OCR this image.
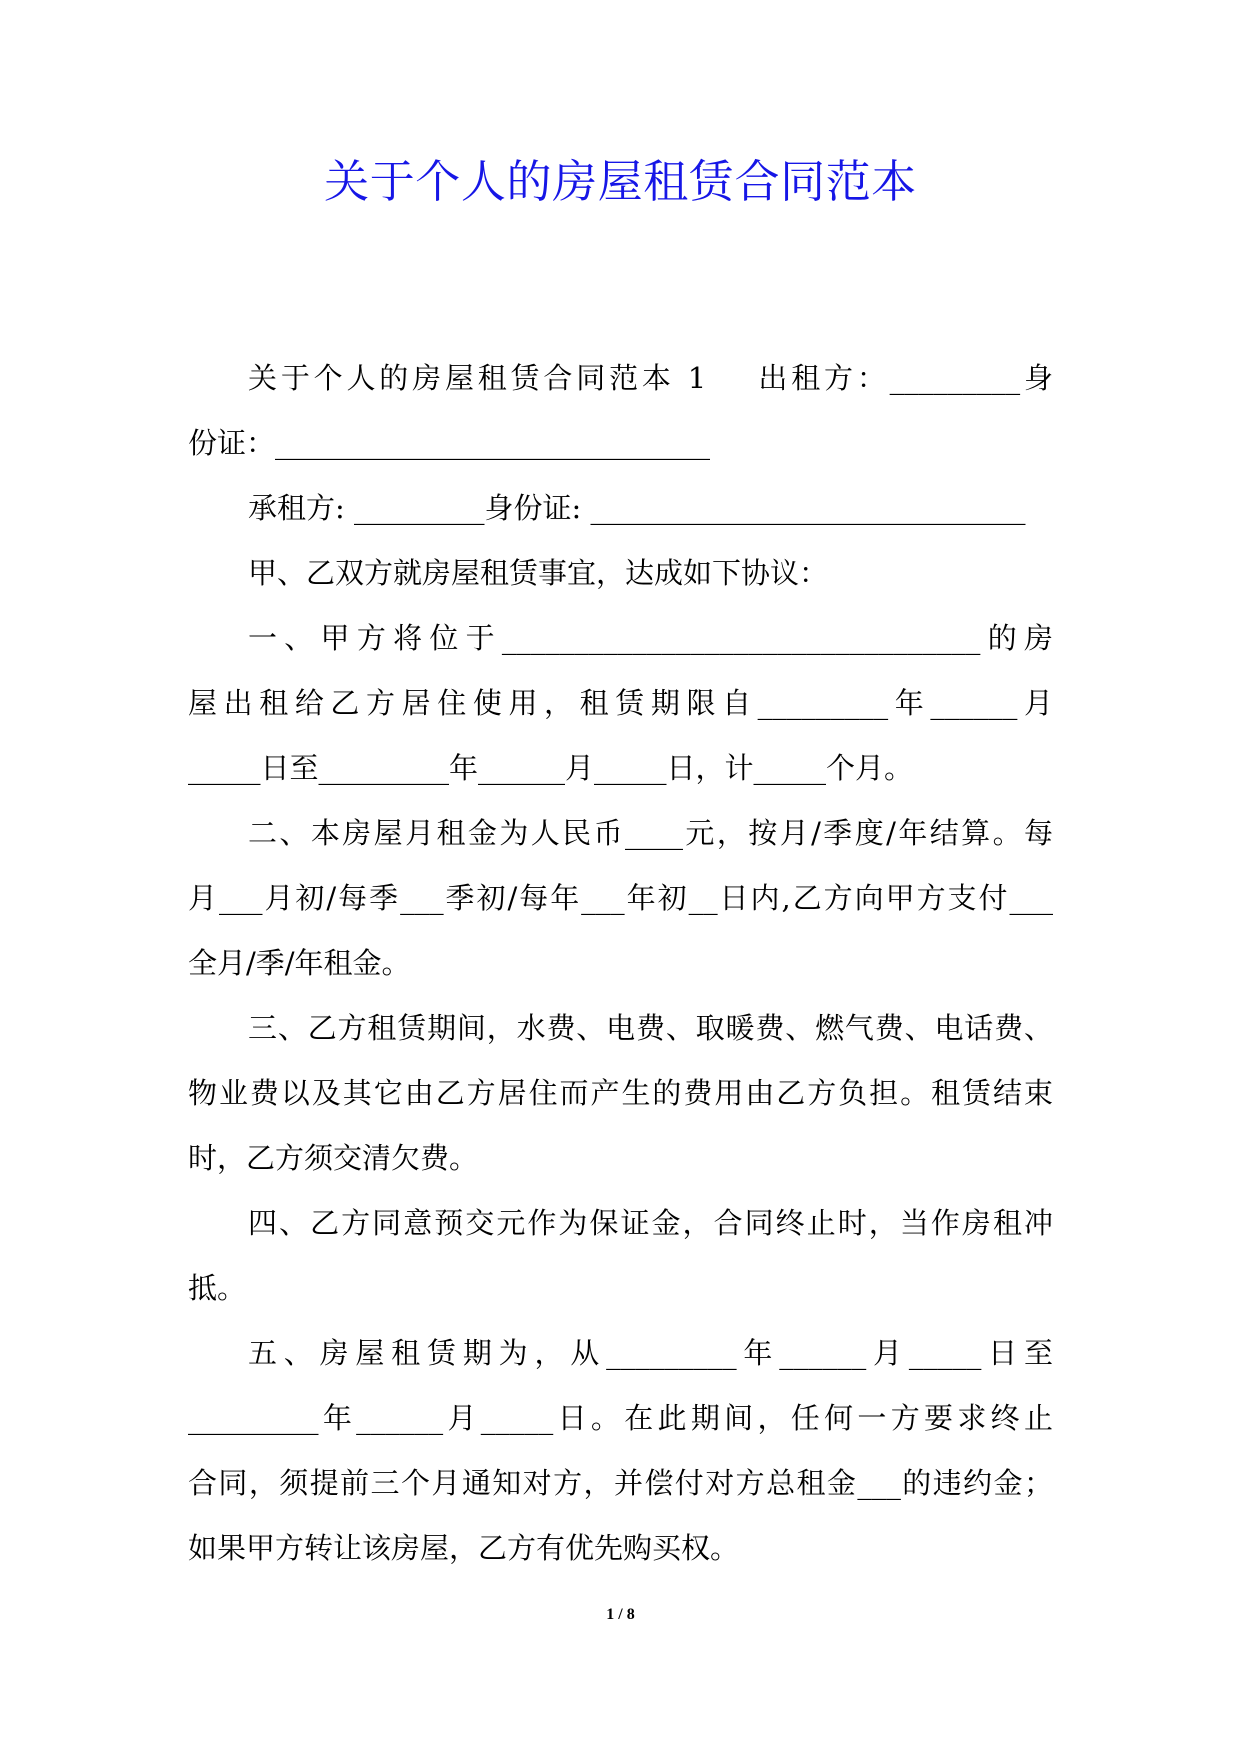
关于个人的房屋租赁合同范本
关于个人的房屋租赁合同范本 1    出租方：_________身
份证：______________________________
承租方: _________身份证: ______________________________
甲、乙双方就房屋租赁事宜，达成如下协议：
一、甲方将位于_________________________________的房
屋出租给乙方居住使用，租赁期限自_________年______月
_____日至_________年______月_____日，计_____个月。
二、本房屋月租金为人民币____元，按月/季度/年结算。每
月___月初/每季___季初/每年___年初__日内,乙方向甲方支付___
全月/季/年租金。
三、乙方租赁期间，水费、电费、取暖费、燃气费、电话费、
物业费以及其它由乙方居住而产生的费用由乙方负担。租赁结束
时，乙方须交清欠费。
四、乙方同意预交元作为保证金，合同终止时，当作房租冲
抵。
五、房屋租赁期为，从_________年______月_____日至
_________年______月_____日。在此期间，任何一方要求终止
合同，须提前三个月通知对方，并偿付对方总租金___的违约金；
如果甲方转让该房屋，乙方有优先购买权。
1 / 8
